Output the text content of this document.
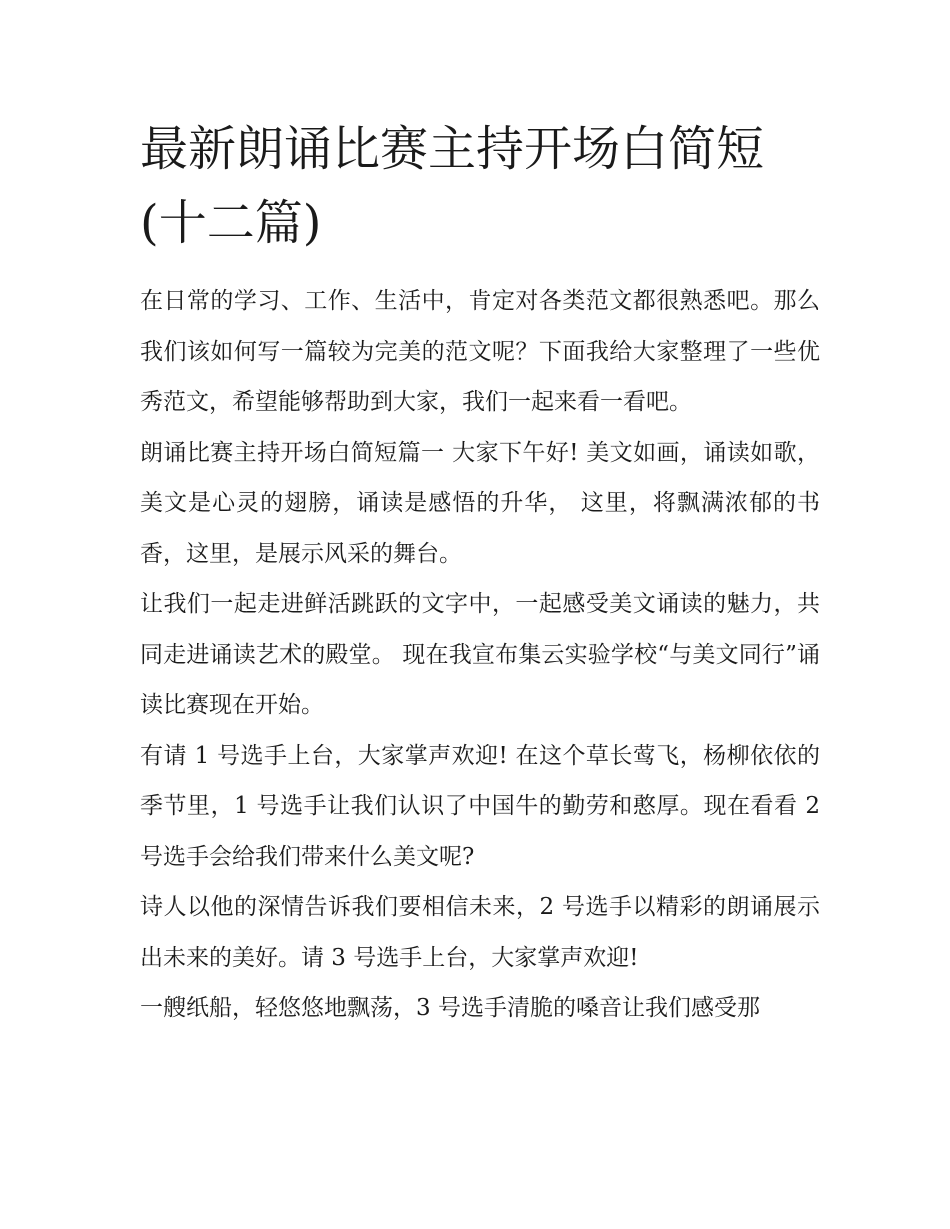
最新朗诵比赛主持开场白简短(十二篇)

在日常的学习、工作、生活中，肯定对各类范文都很熟悉吧。那么我们该如何写一篇较为完美的范文呢？下面我给大家整理了一些优秀范文，希望能够帮助到大家，我们一起来看一看吧。

朗诵比赛主持开场白简短篇一 大家下午好! 美文如画，诵读如歌，美文是心灵的翅膀，诵读是感悟的升华， 这里，将飘满浓郁的书香，这里，是展示风采的舞台。

让我们一起走进鲜活跳跃的文字中，一起感受美文诵读的魅力，共同走进诵读艺术的殿堂。 现在我宣布集云实验学校“与美文同行”诵读比赛现在开始。

有请 1 号选手上台，大家掌声欢迎! 在这个草长莺飞，杨柳依依的季节里，1 号选手让我们认识了中国牛的勤劳和憨厚。现在看看 2 号选手会给我们带来什么美文呢?

诗人以他的深情告诉我们要相信未来，2 号选手以精彩的朗诵展示出未来的美好。请 3 号选手上台，大家掌声欢迎!

一艘纸船，轻悠悠地飘荡，3 号选手清脆的嗓音让我们感受那
